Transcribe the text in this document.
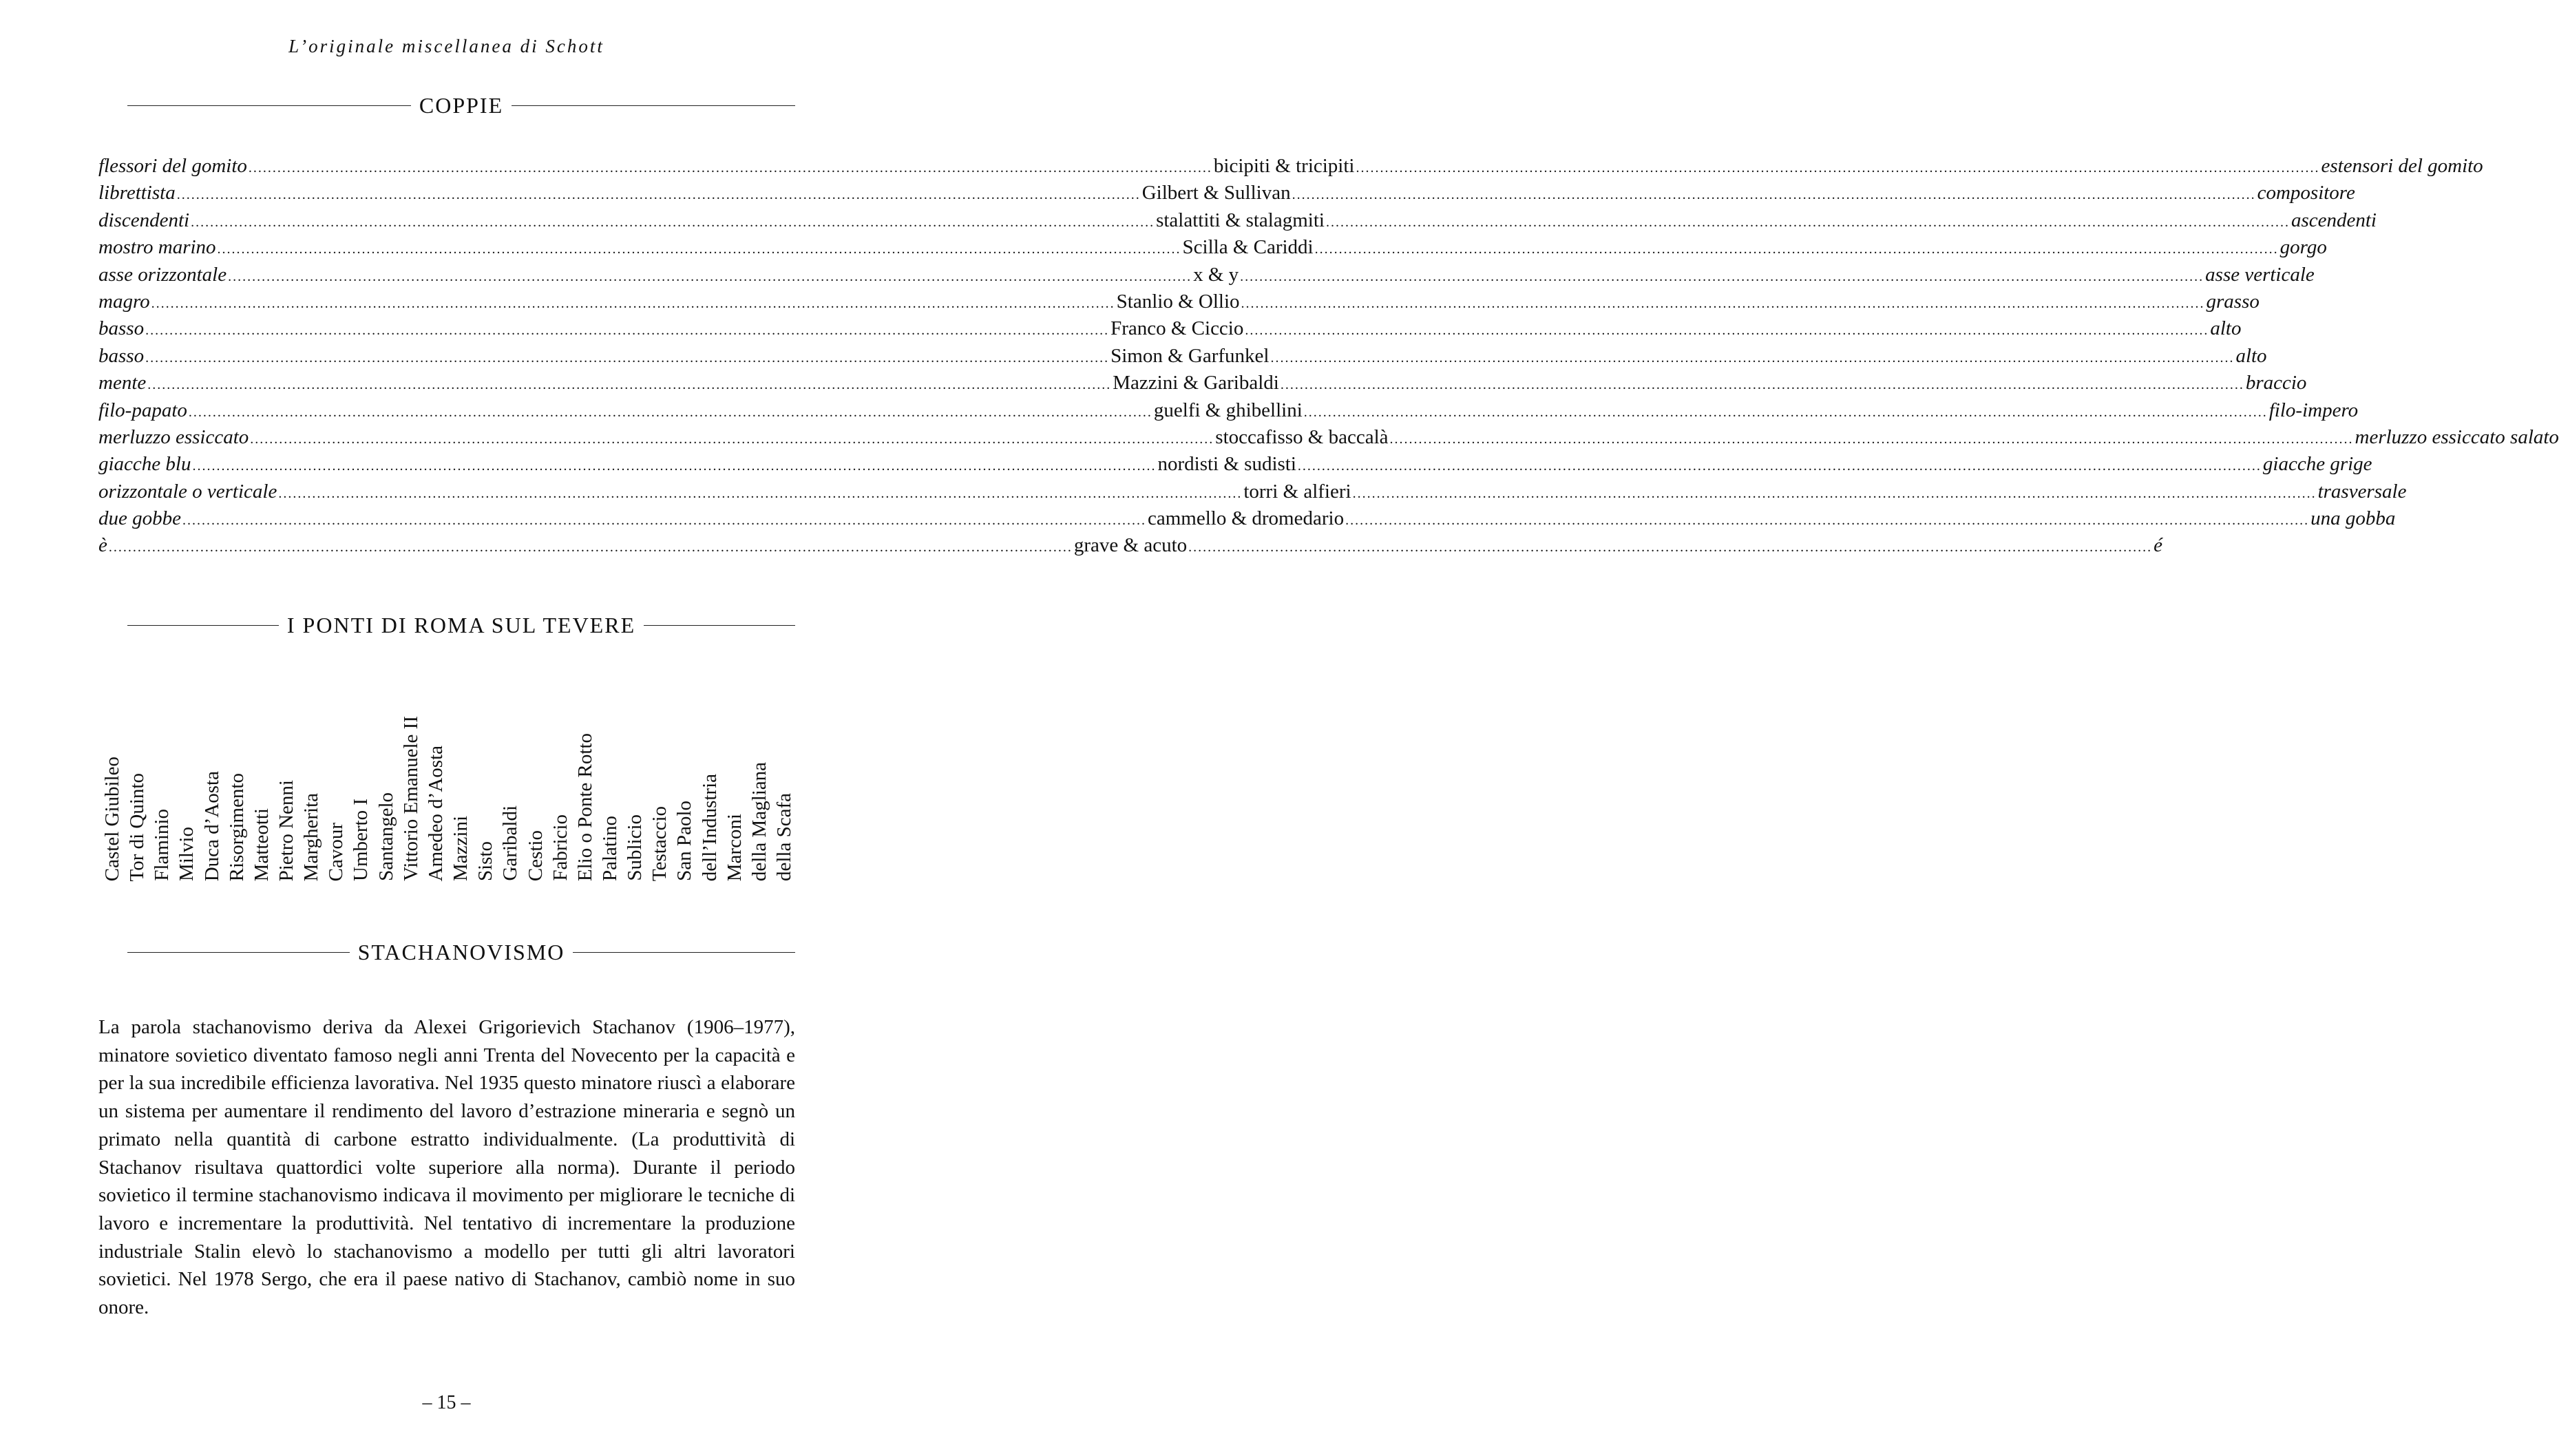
L’originale miscellanea di Schott
COPPIE
flessori del gomito ........................................................................................................................................................................................................ bicipiti & tricipiti ........................................................................................................................................................................................................ estensori del gomito
librettista ........................................................................................................................................................................................................ Gilbert & Sullivan ........................................................................................................................................................................................................ compositore
discendenti ........................................................................................................................................................................................................ stalattiti & stalagmiti ........................................................................................................................................................................................................ ascendenti
mostro marino ........................................................................................................................................................................................................ Scilla & Cariddi ........................................................................................................................................................................................................ gorgo
asse orizzontale ........................................................................................................................................................................................................ x & y ........................................................................................................................................................................................................ asse verticale
magro ........................................................................................................................................................................................................ Stanlio & Ollio ........................................................................................................................................................................................................ grasso
basso ........................................................................................................................................................................................................ Franco & Ciccio ........................................................................................................................................................................................................ alto
basso ........................................................................................................................................................................................................ Simon & Garfunkel ........................................................................................................................................................................................................ alto
mente ........................................................................................................................................................................................................ Mazzini & Garibaldi ........................................................................................................................................................................................................ braccio
filo-papato ........................................................................................................................................................................................................ guelfi & ghibellini ........................................................................................................................................................................................................ filo-impero
merluzzo essiccato ........................................................................................................................................................................................................ stoccafisso & baccalà ........................................................................................................................................................................................................ merluzzo essiccato salato
giacche blu ........................................................................................................................................................................................................ nordisti & sudisti ........................................................................................................................................................................................................ giacche grige
orizzontale o verticale ........................................................................................................................................................................................................ torri & alfieri ........................................................................................................................................................................................................ trasversale
due gobbe ........................................................................................................................................................................................................ cammello & dromedario ........................................................................................................................................................................................................ una gobba
è ........................................................................................................................................................................................................ grave & acuto ........................................................................................................................................................................................................ é
I PONTI DI ROMA SUL TEVERE
Castel Giubileo Tor di Quinto Flaminio Milvio Duca d’Aosta Risorgimento Matteotti Pietro Nenni Margherita Cavour Umberto I Santangelo Vittorio Emanuele II Amedeo d’Aosta Mazzini Sisto Garibaldi Cestio Fabricio Elio o Ponte Rotto Palatino Sublicio Testaccio San Paolo dell’Industria Marconi della Magliana della Scafa
STACHANOVISMO

La parola stachanovismo deriva da Alexei Grigorievich Stachanov (1906–1977), minatore sovietico diventato famoso negli anni Trenta del Novecento per la capacità e per la sua incredibile efficienza lavorativa. Nel 1935 questo minatore riuscì a elaborare un sistema per aumentare il rendimento del lavoro d’estrazione mineraria e segnò un primato nella quantità di carbone estratto individualmente. (La produttività di Stachanov risultava quattordici volte superiore alla norma). Durante il periodo sovietico il termine stachanovismo indicava il movimento per migliorare le tecniche di lavoro e incrementare la produttività. Nel tentativo di incrementare la produzione industriale Stalin elevò lo stachanovismo a modello per tutti gli altri lavoratori sovietici. Nel 1978 Sergo, che era il paese nativo di Stachanov, cambiò nome in suo onore.

– 15 –
